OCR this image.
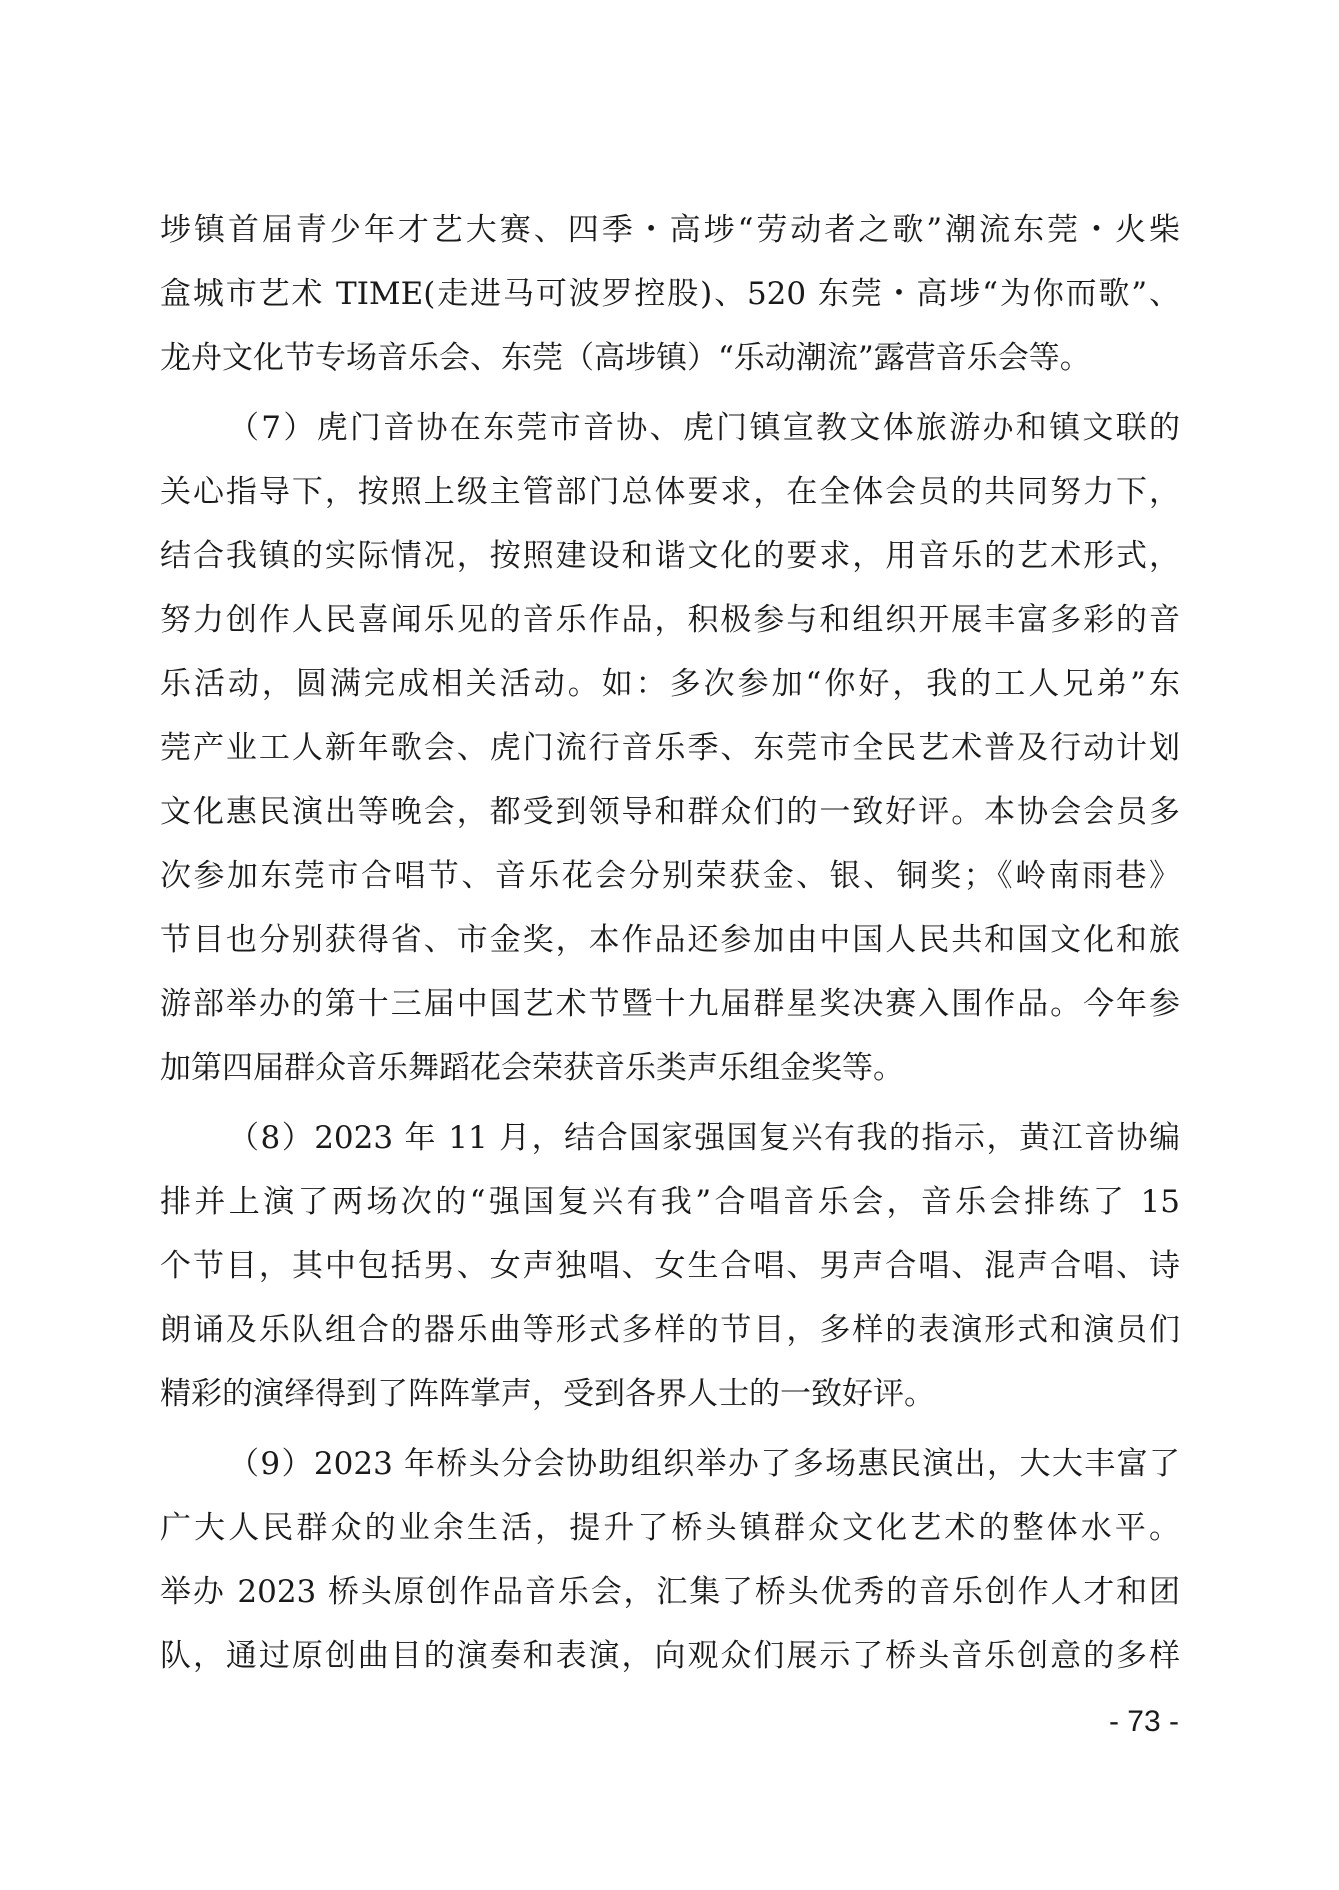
埗镇首届青少年才艺大赛、四季・高埗“劳动者之歌”潮流东莞・火柴
盒城市艺术 TIME(走进马可波罗控股)、520 东莞・高埗“为你而歌”、
龙舟文化节专场音乐会、东莞（高埗镇）“乐动潮流”露营音乐会等。
（7）虎门音协在东莞市音协、虎门镇宣教文体旅游办和镇文联的
关心指导下，按照上级主管部门总体要求，在全体会员的共同努力下，
结合我镇的实际情况，按照建设和谐文化的要求，用音乐的艺术形式，
努力创作人民喜闻乐见的音乐作品，积极参与和组织开展丰富多彩的音
乐活动，圆满完成相关活动。如：多次参加“你好，我的工人兄弟”东
莞产业工人新年歌会、虎门流行音乐季、东莞市全民艺术普及行动计划
文化惠民演出等晚会，都受到领导和群众们的一致好评。本协会会员多
次参加东莞市合唱节、音乐花会分别荣获金、银、铜奖；《岭南雨巷》
节目也分别获得省、市金奖，本作品还参加由中国人民共和国文化和旅
游部举办的第十三届中国艺术节暨十九届群星奖决赛入围作品。今年参
加第四届群众音乐舞蹈花会荣获音乐类声乐组金奖等。
（8）2023 年 11 月，结合国家强国复兴有我的指示，黄江音协编
排并上演了两场次的“强国复兴有我”合唱音乐会，音乐会排练了 15
个节目，其中包括男、女声独唱、女生合唱、男声合唱、混声合唱、诗
朗诵及乐队组合的器乐曲等形式多样的节目，多样的表演形式和演员们
精彩的演绎得到了阵阵掌声，受到各界人士的一致好评。
（9）2023 年桥头分会协助组织举办了多场惠民演出，大大丰富了
广大人民群众的业余生活，提升了桥头镇群众文化艺术的整体水平。
举办 2023 桥头原创作品音乐会，汇集了桥头优秀的音乐创作人才和团
队，通过原创曲目的演奏和表演，向观众们展示了桥头音乐创意的多样
- 73 -
